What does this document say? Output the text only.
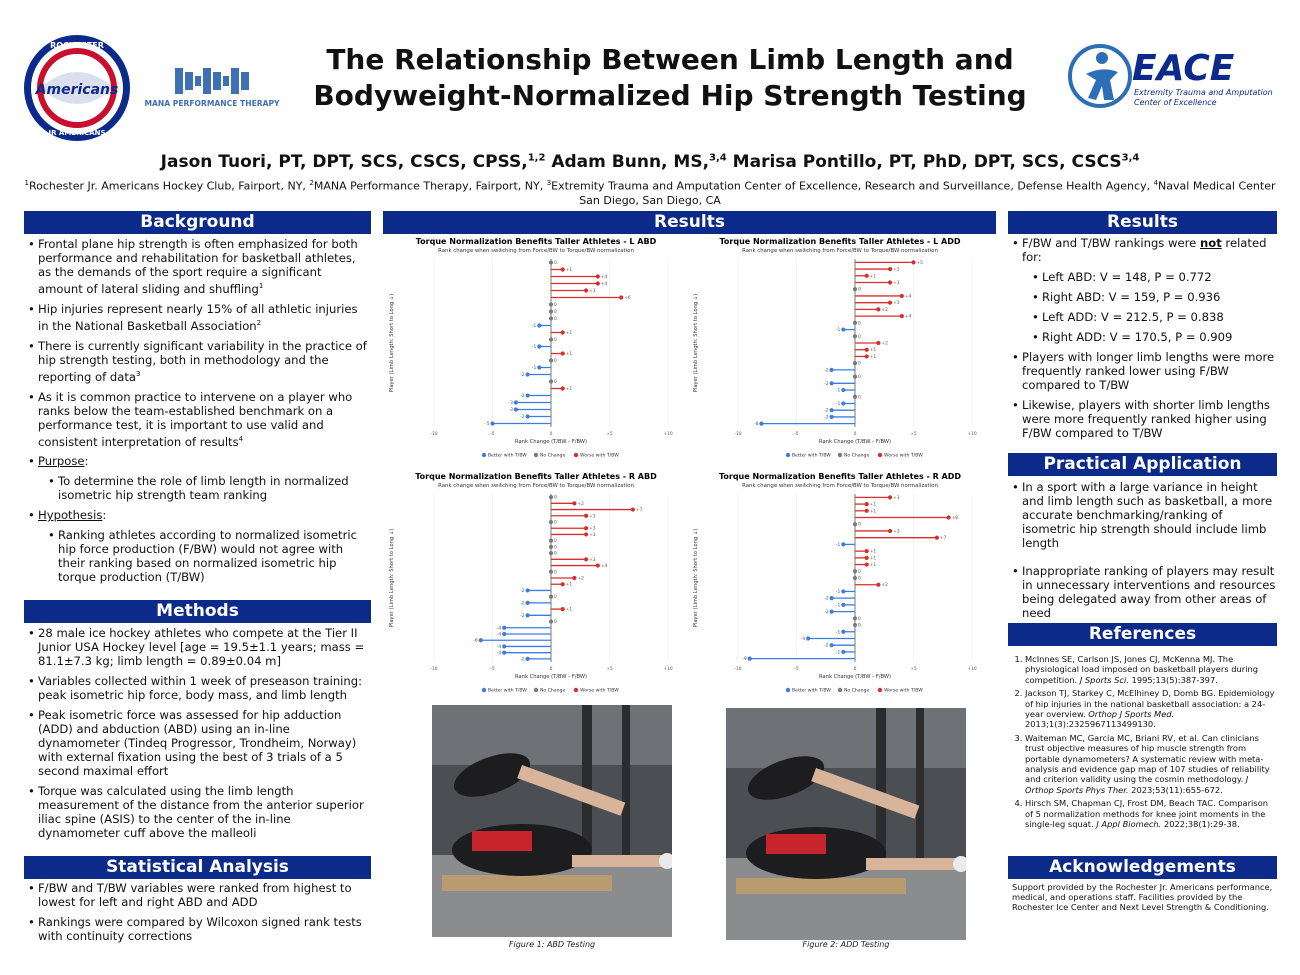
ROCHESTER
Americans
JR AMERICANS
MANA PERFORMANCE THERAPY
EACE
Extremity Trauma and Amputation
Center of Excellence
The Relationship Between Limb Length and
Bodyweight-Normalized Hip Strength Testing
Jason Tuori, PT, DPT, SCS, CSCS, CPSS,$^{1,2}$ Adam Bunn, MS,$^{3,4}$ Marisa Pontillo, PT, PhD, DPT, SCS, CSCS$^{3,4}$
$^1$Rochester Jr. Americans Hockey Club, Fairport, NY, $^2$MANA Performance Therapy, Fairport, NY, $^3$Extremity Trauma and Amputation Center of Excellence, Research and Surveillance, Defense Health Agency, $^4$Naval Medical Center San Diego, San Diego, CA
Background
• Frontal plane hip strength is often emphasized for both performance and rehabilitation for basketball athletes, as the demands of the sport require a significant amount of lateral sliding and shuffling$^1$
• Hip injuries represent nearly 15% of all athletic injuries in the National Basketball Association$^2$
• There is currently significant variability in the practice of hip strength testing, both in methodology and the reporting of data$^3$
• As it is common practice to intervene on a player who ranks below the team-established benchmark on a performance test, it is important to use valid and consistent interpretation of results$^4$
• Purpose:
• To determine the role of limb length in normalized isometric hip strength team ranking
• Hypothesis:
• Ranking athletes according to normalized isometric hip force production (F/BW) would not agree with their ranking based on normalized isometric hip torque production (T/BW)
Methods
• 28 male ice hockey athletes who compete at the Tier II Junior USA Hockey level [age = 19.5±1.1 years; mass = 81.1±7.3 kg; limb length = 0.89±0.04 m]
• Variables collected within 1 week of preseason training: peak isometric hip force, body mass, and limb length
• Peak isometric force was assessed for hip adduction (ADD) and abduction (ABD) using an in-line dynamometer (Tindeq Progressor, Trondheim, Norway) with external fixation using the best of 3 trials of a 5 second maximal effort
• Torque was calculated using the limb length measurement of the distance from the anterior superior iliac spine (ASIS) to the center of the in-line dynamometer cuff above the malleoli
Statistical Analysis
• F/BW and T/BW variables were ranked from highest to lowest for left and right ABD and ADD
• Rankings were compared by Wilcoxon signed rank tests with continuity corrections
Results
Torque Normalization Benefits Taller Athletes - L ABD
Rank change when switching from Force/BW to Torque/BW normalization
-10	-5	0	+5	+10
Player (Limb Length: Short to Long ↓)
Rank Change (T/BW - F/BW)
0
+1
+4
+4
+3
+6
0
0
0
-1
+1
0
-1
+1
0
-1
-2
0
+1
-2
-3
-3
-2
-5
Better with T/BW	No Change	Worse with T/BW
Torque Normalization Benefits Taller Athletes - L ADD
Rank change when switching from Force/BW to Torque/BW normalization
-10	-5	0	+5	+10
Player (Limb Length: Short to Long ↓)
Rank Change (T/BW - F/BW)
+5
+3
+1
+3
0
+4
+3
+2
+4
0
-1
0
+2
+1
+1
0
-2
0
-2
-1
0
-1
-2
-2
-8
Better with T/BW	No Change	Worse with T/BW
Torque Normalization Benefits Taller Athletes - R ABD
Rank change when switching from Force/BW to Torque/BW normalization
-10	-5	0	+5	+10
Player (Limb Length: Short to Long ↓)
Rank Change (T/BW - F/BW)
0
+2
+7
+3
0
+3
+3
0
0
0
+3
+4
0
+2
+1
-2
0
-2
+1
-2
0
-4
-4
-6
-4
-4
-2
Better with T/BW	No Change	Worse with T/BW
Torque Normalization Benefits Taller Athletes - R ADD
Rank change when switching from Force/BW to Torque/BW normalization
-10	-5	0	+5	+10
Player (Limb Length: Short to Long ↓)
Rank Change (T/BW - F/BW)
+3
+1
+1
+8
0
+3
+7
-1
+1
+1
+1
0
0
+2
-1
-2
-1
-2
0
0
-1
-4
-2
-1
-9
Better with T/BW	No Change	Worse with T/BW
Figure 1: ABD Testing	Figure 2: ADD Testing
Results
• F/BW and T/BW rankings were not related for:
• Left ABD: V = 148, P = 0.772
• Right ABD: V = 159, P = 0.936
• Left ADD: V = 212.5, P = 0.838
• Right ADD: V = 170.5, P = 0.909
• Players with longer limb lengths were more frequently ranked lower using F/BW compared to T/BW
• Likewise, players with shorter limb lengths were more frequently ranked higher using F/BW compared to T/BW
Practical Application
• In a sport with a large variance in height and limb length such as basketball, a more accurate benchmarking/ranking of isometric hip strength should include limb length
• Inappropriate ranking of players may result in unnecessary interventions and resources being delegated away from other areas of need
References
1. McInnes SE, Carlson JS, Jones CJ, McKenna MJ. The physiological load imposed on basketball players during competition. J Sports Sci. 1995;13(5):387-397.
2. Jackson TJ, Starkey C, McElhiney D, Domb BG. Epidemiology of hip injuries in the national basketball association: a 24-year overview. Orthop J Sports Med. 2013;1(3):2325967113499130.
3. Waiteman MC, Garcia MC, Briani RV, et al. Can clinicians trust objective measures of hip muscle strength from portable dynamometers? A systematic review with meta-analysis and evidence gap map of 107 studies of reliability and criterion validity using the cosmin methodology. J Orthop Sports Phys Ther. 2023;53(11):655-672.
4. Hirsch SM, Chapman CJ, Frost DM, Beach TAC. Comparison of 5 normalization methods for knee joint moments in the single-leg squat. J Appl Biomech. 2022;38(1):29-38.
Acknowledgements
Support provided by the Rochester Jr. Americans performance, medical, and operations staff. Facilities provided by the Rochester Ice Center and Next Level Strength & Conditioning.
